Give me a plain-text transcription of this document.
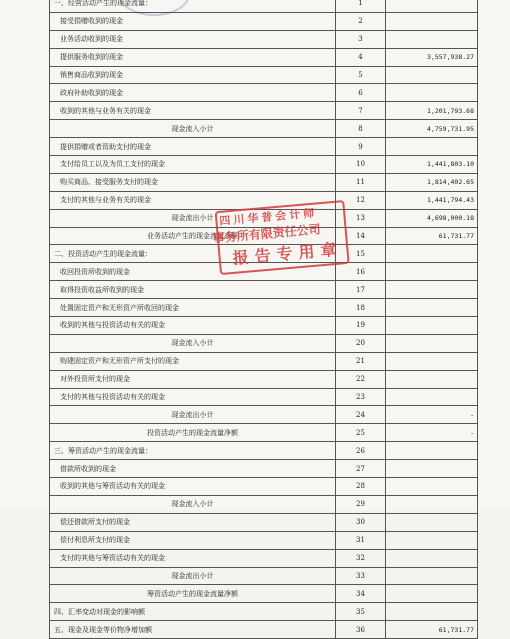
一、经营活动产生的现金流量：	1	
接受捐赠收到的现金	2	
业务活动收到的现金	3	
提供服务收到的现金	4	3,557,938.27
销售商品收到的现金	5	
政府补助收到的现金	6	
收到的其他与业务有关的现金	7	1,201,793.68
现金流入小计	8	4,759,731.95
提供捐赠或者资助支付的现金	9	
支付给员工以及为员工支付的现金	10	1,441,803.10
购买商品、接受服务支付的现金	11	1,814,402.65
支付的其他与业务有关的现金	12	1,441,794.43
现金流出小计	13	4,698,000.18
业务活动产生的现金流量净额	14	61,731.77
二、投资活动产生的现金流量：	15	
收回投资所收到的现金	16	
取得投资收益所收到的现金	17	
处置固定资产和无形资产所收回的现金	18	
收到的其他与投资活动有关的现金	19	
现金流入小计	20	
购建固定资产和无形资产所支付的现金	21	
对外投资所支付的现金	22	
支付的其他与投资活动有关的现金	23	
现金流出小计	24	-
投资活动产生的现金流量净额	25	-
三、筹资活动产生的现金流量：	26	
借款所收到的现金	27	
收到的其他与筹资活动有关的现金	28	
现金流入小计	29	
偿还借款所支付的现金	30	
偿付利息所支付的现金	31	
支付的其他与筹资活动有关的现金	32	
现金流出小计	33	
筹资活动产生的现金流量净额	34	
四、汇率变动对现金的影响额	35	
五、现金及现金等价物净增加额	36	61,731.77
四川华普会计师
事务所有限责任公司
报告专用章
